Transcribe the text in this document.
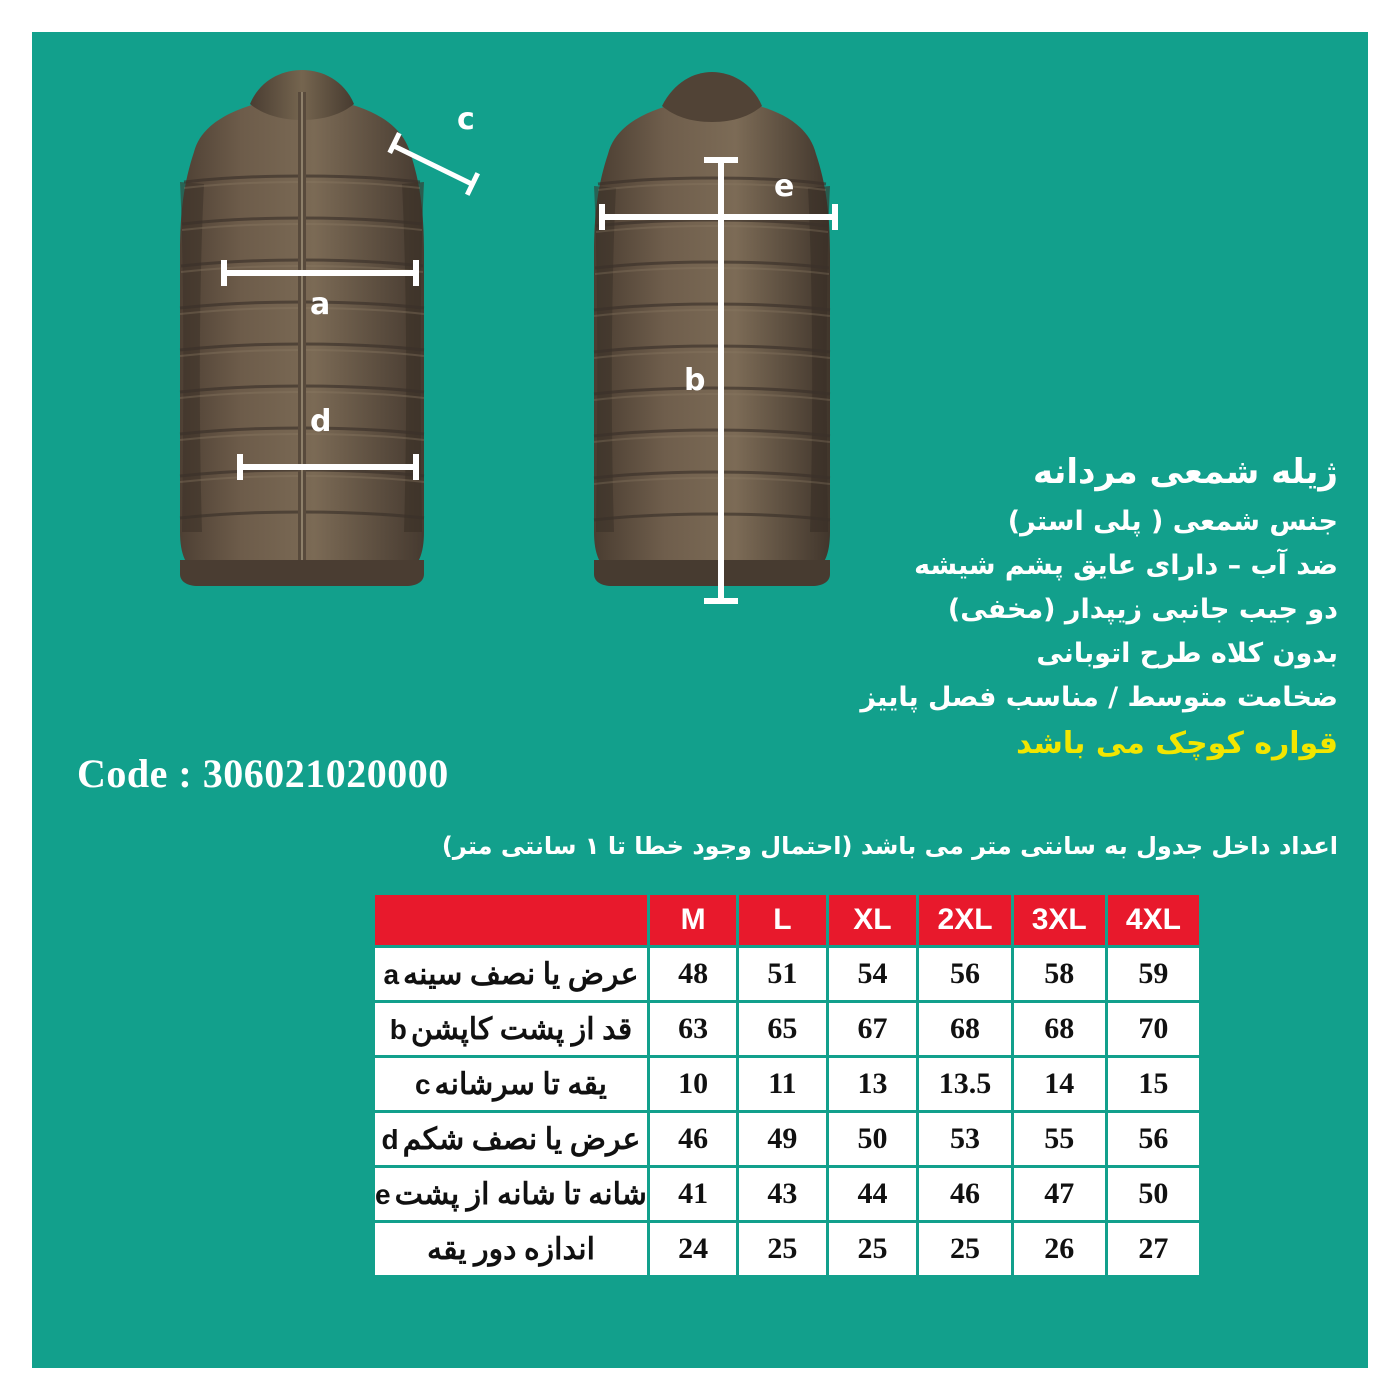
c
a
d
b
e
ژیله شمعی مردانه
جنس شمعی ( پلی استر)
ضد آب – دارای عایق پشم شیشه
دو جیب جانبی زیپدار (مخفی)
بدون کلاه طرح اتوبانی
ضخامت متوسط / مناسب فصل پاییز
قواره کوچک می باشد
Code : 306021020000
اعداد داخل جدول به سانتی متر می باشد (احتمال وجود خطا تا ۱ سانتی متر)
4XL	3XL	2XL	XL	L	M	
59	58	56	54	51	48	عرض یا نصف سینهa
70	68	68	67	65	63	قد از پشت کاپشنb
15	14	13.5	13	11	10	یقه تا سرشانهc
56	55	53	50	49	46	عرض یا نصف شکمd
50	47	46	44	43	41	شانه تا شانه از پشتe
27	26	25	25	25	24	اندازه دور یقه
